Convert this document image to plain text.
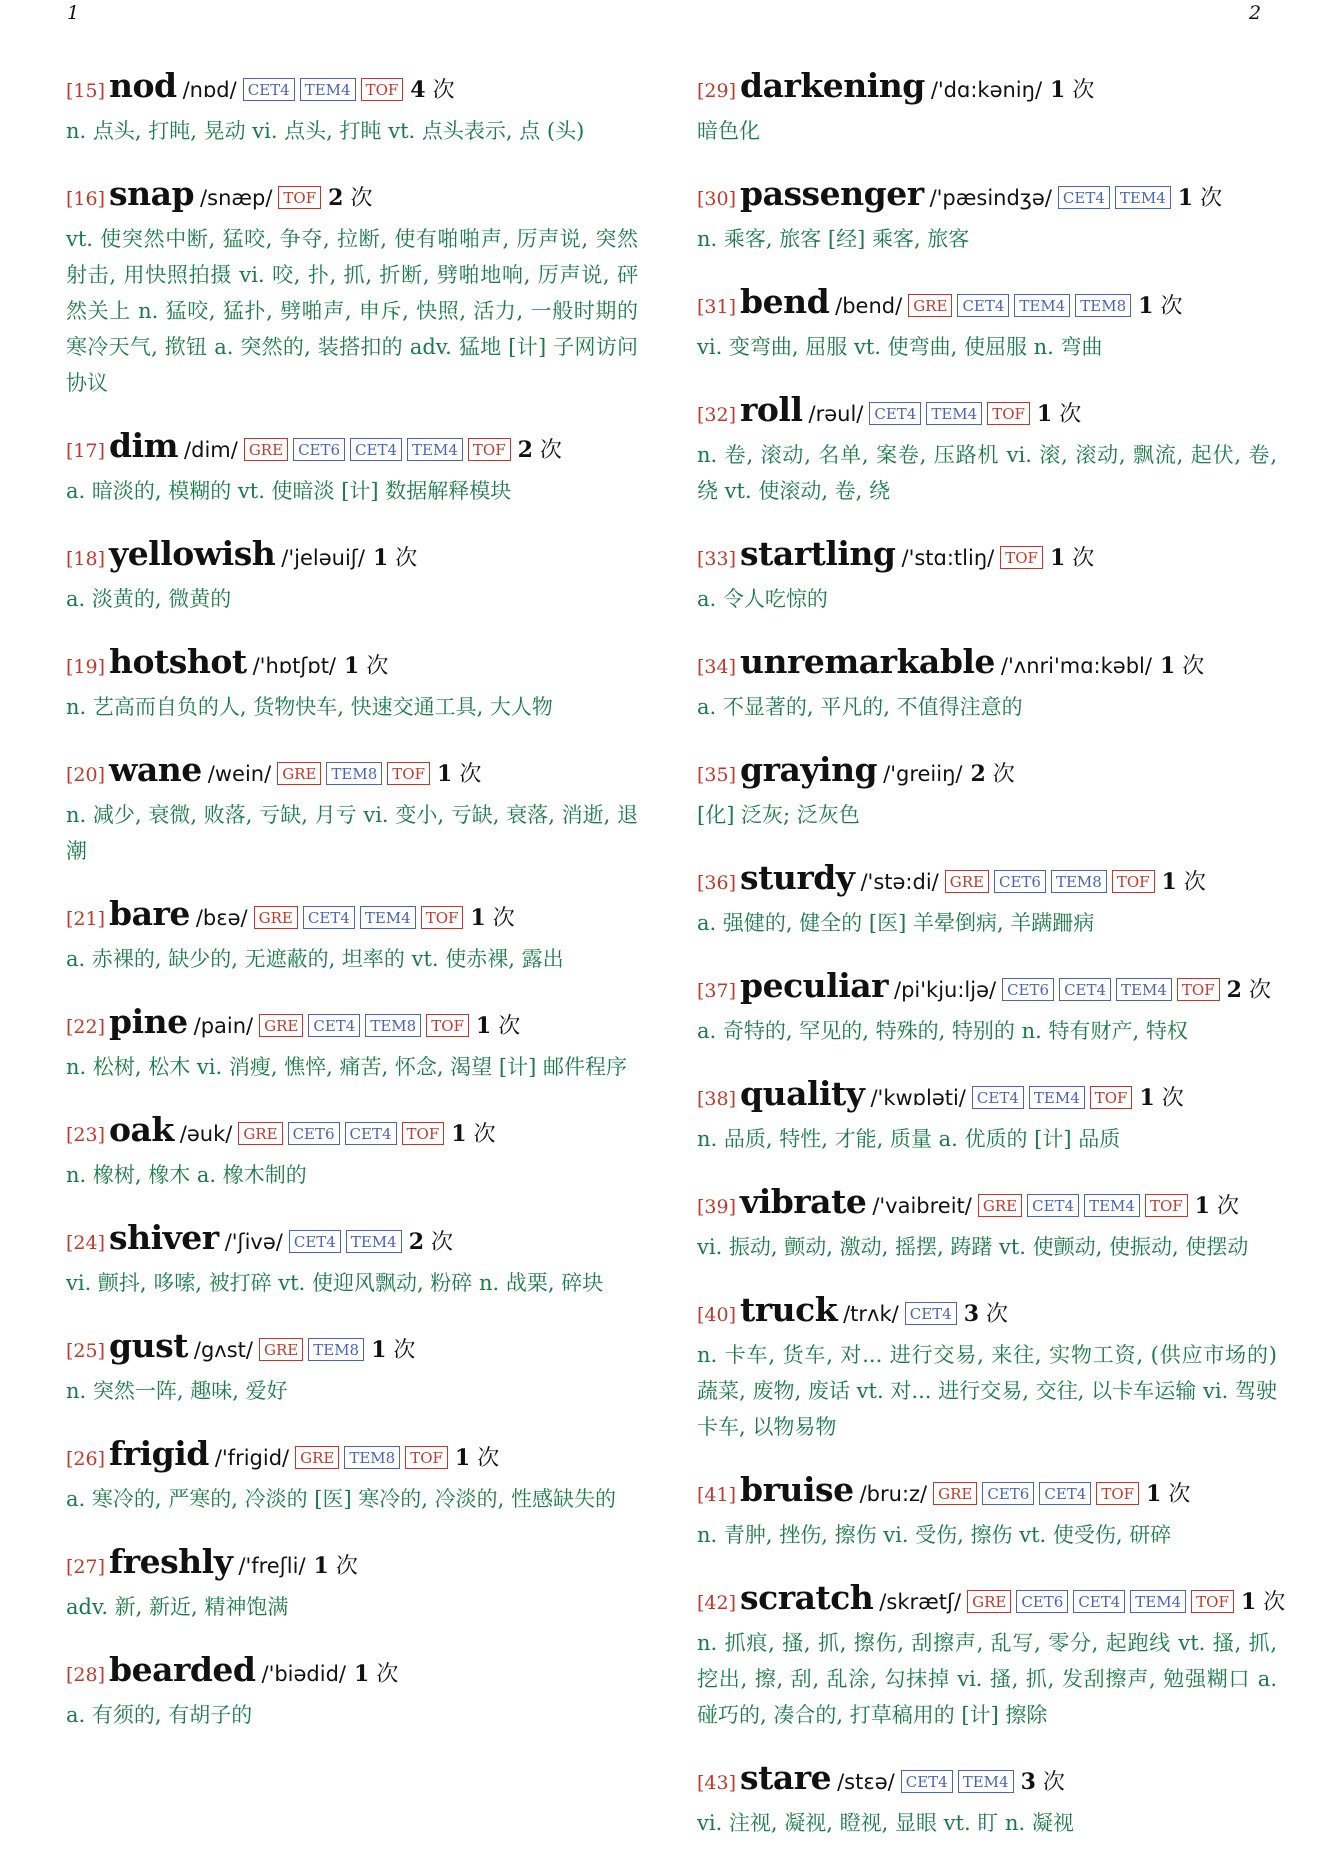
1	2
[15] nod /nɒd/ CET4	TEM4	TOF 4 次
n. 点头, 打盹, 晃动 vi. 点头, 打盹 vt. 点头表示, 点 (头)
[16] snap /snæp/ TOF 2 次
vt. 使突然中断, 猛咬, 争夺, 拉断, 使有啪啪声, 厉声说, 突然射击, 用快照拍摄 vi. 咬, 扑, 抓, 折断, 劈啪地响, 厉声说, 砰然关上 n. 猛咬, 猛扑, 劈啪声, 申斥, 快照, 活力, 一般时期的寒冷天气, 揿钮 a. 突然的, 装搭扣的 adv. 猛地 [计] 子网访问协议
[17] dim /dim/ GRE	CET6	CET4	TEM4	TOF 2 次
a. 暗淡的, 模糊的 vt. 使暗淡 [计] 数据解释模块
[18] yellowish /'jeləuiʃ/ 1 次
a. 淡黄的, 微黄的
[19] hotshot /'hɒtʃɒt/ 1 次
n. 艺高而自负的人, 货物快车, 快速交通工具, 大人物
[20] wane /wein/ GRE	TEM8	TOF 1 次
n. 减少, 衰微, 败落, 亏缺, 月亏 vi. 变小, 亏缺, 衰落, 消逝, 退潮
[21] bare /bɛə/ GRE	CET4	TEM4	TOF 1 次
a. 赤裸的, 缺少的, 无遮蔽的, 坦率的 vt. 使赤裸, 露出
[22] pine /pain/ GRE	CET4	TEM8	TOF 1 次
n. 松树, 松木 vi. 消瘦, 憔悴, 痛苦, 怀念, 渴望 [计] 邮件程序
[23] oak /əuk/ GRE	CET6	CET4	TOF 1 次
n. 橡树, 橡木 a. 橡木制的
[24] shiver /'ʃivə/ CET4	TEM4 2 次
vi. 颤抖, 哆嗦, 被打碎 vt. 使迎风飘动, 粉碎 n. 战栗, 碎块
[25] gust /gʌst/ GRE	TEM8 1 次
n. 突然一阵, 趣味, 爱好
[26] frigid /'frigid/ GRE	TEM8	TOF 1 次
a. 寒冷的, 严寒的, 冷淡的 [医] 寒冷的, 冷淡的, 性感缺失的
[27] freshly /'freʃli/ 1 次
adv. 新, 新近, 精神饱满
[28] bearded /'biədid/ 1 次
a. 有须的, 有胡子的
[29] darkening /'dɑ:kəniŋ/ 1 次
暗色化
[30] passenger /'pæsindʒə/ CET4	TEM4 1 次
n. 乘客, 旅客 [经] 乘客, 旅客
[31] bend /bend/ GRE	CET4	TEM4	TEM8 1 次
vi. 变弯曲, 屈服 vt. 使弯曲, 使屈服 n. 弯曲
[32] roll /rəul/ CET4	TEM4	TOF 1 次
n. 卷, 滚动, 名单, 案卷, 压路机 vi. 滚, 滚动, 飘流, 起伏, 卷, 绕 vt. 使滚动, 卷, 绕
[33] startling /'stɑ:tliŋ/ TOF 1 次
a. 令人吃惊的
[34] unremarkable /'ʌnri'mɑ:kəbl/ 1 次
a. 不显著的, 平凡的, 不值得注意的
[35] graying /'greiiŋ/ 2 次
[化] 泛灰; 泛灰色
[36] sturdy /'stə:di/ GRE	CET6	TEM8	TOF 1 次
a. 强健的, 健全的 [医] 羊晕倒病, 羊蹒跚病
[37] peculiar /pi'kju:ljə/ CET6	CET4	TEM4	TOF 2 次
a. 奇特的, 罕见的, 特殊的, 特别的 n. 特有财产, 特权
[38] quality /'kwɒləti/ CET4	TEM4	TOF 1 次
n. 品质, 特性, 才能, 质量 a. 优质的 [计] 品质
[39] vibrate /'vaibreit/ GRE	CET4	TEM4	TOF 1 次
vi. 振动, 颤动, 激动, 摇摆, 踌躇 vt. 使颤动, 使振动, 使摆动
[40] truck /trʌk/ CET4 3 次
n. 卡车, 货车, 对... 进行交易, 来往, 实物工资, (供应市场的) 蔬菜, 废物, 废话 vt. 对... 进行交易, 交往, 以卡车运输 vi. 驾驶卡车, 以物易物
[41] bruise /bru:z/ GRE	CET6	CET4	TOF 1 次
n. 青肿, 挫伤, 擦伤 vi. 受伤, 擦伤 vt. 使受伤, 研碎
[42] scratch /skrætʃ/ GRE	CET6	CET4	TEM4	TOF 1 次
n. 抓痕, 搔, 抓, 擦伤, 刮擦声, 乱写, 零分, 起跑线 vt. 搔, 抓, 挖出, 擦, 刮, 乱涂, 勾抹掉 vi. 搔, 抓, 发刮擦声, 勉强糊口 a. 碰巧的, 凑合的, 打草稿用的 [计] 擦除
[43] stare /stɛə/ CET4	TEM4 3 次
vi. 注视, 凝视, 瞪视, 显眼 vt. 盯 n. 凝视
